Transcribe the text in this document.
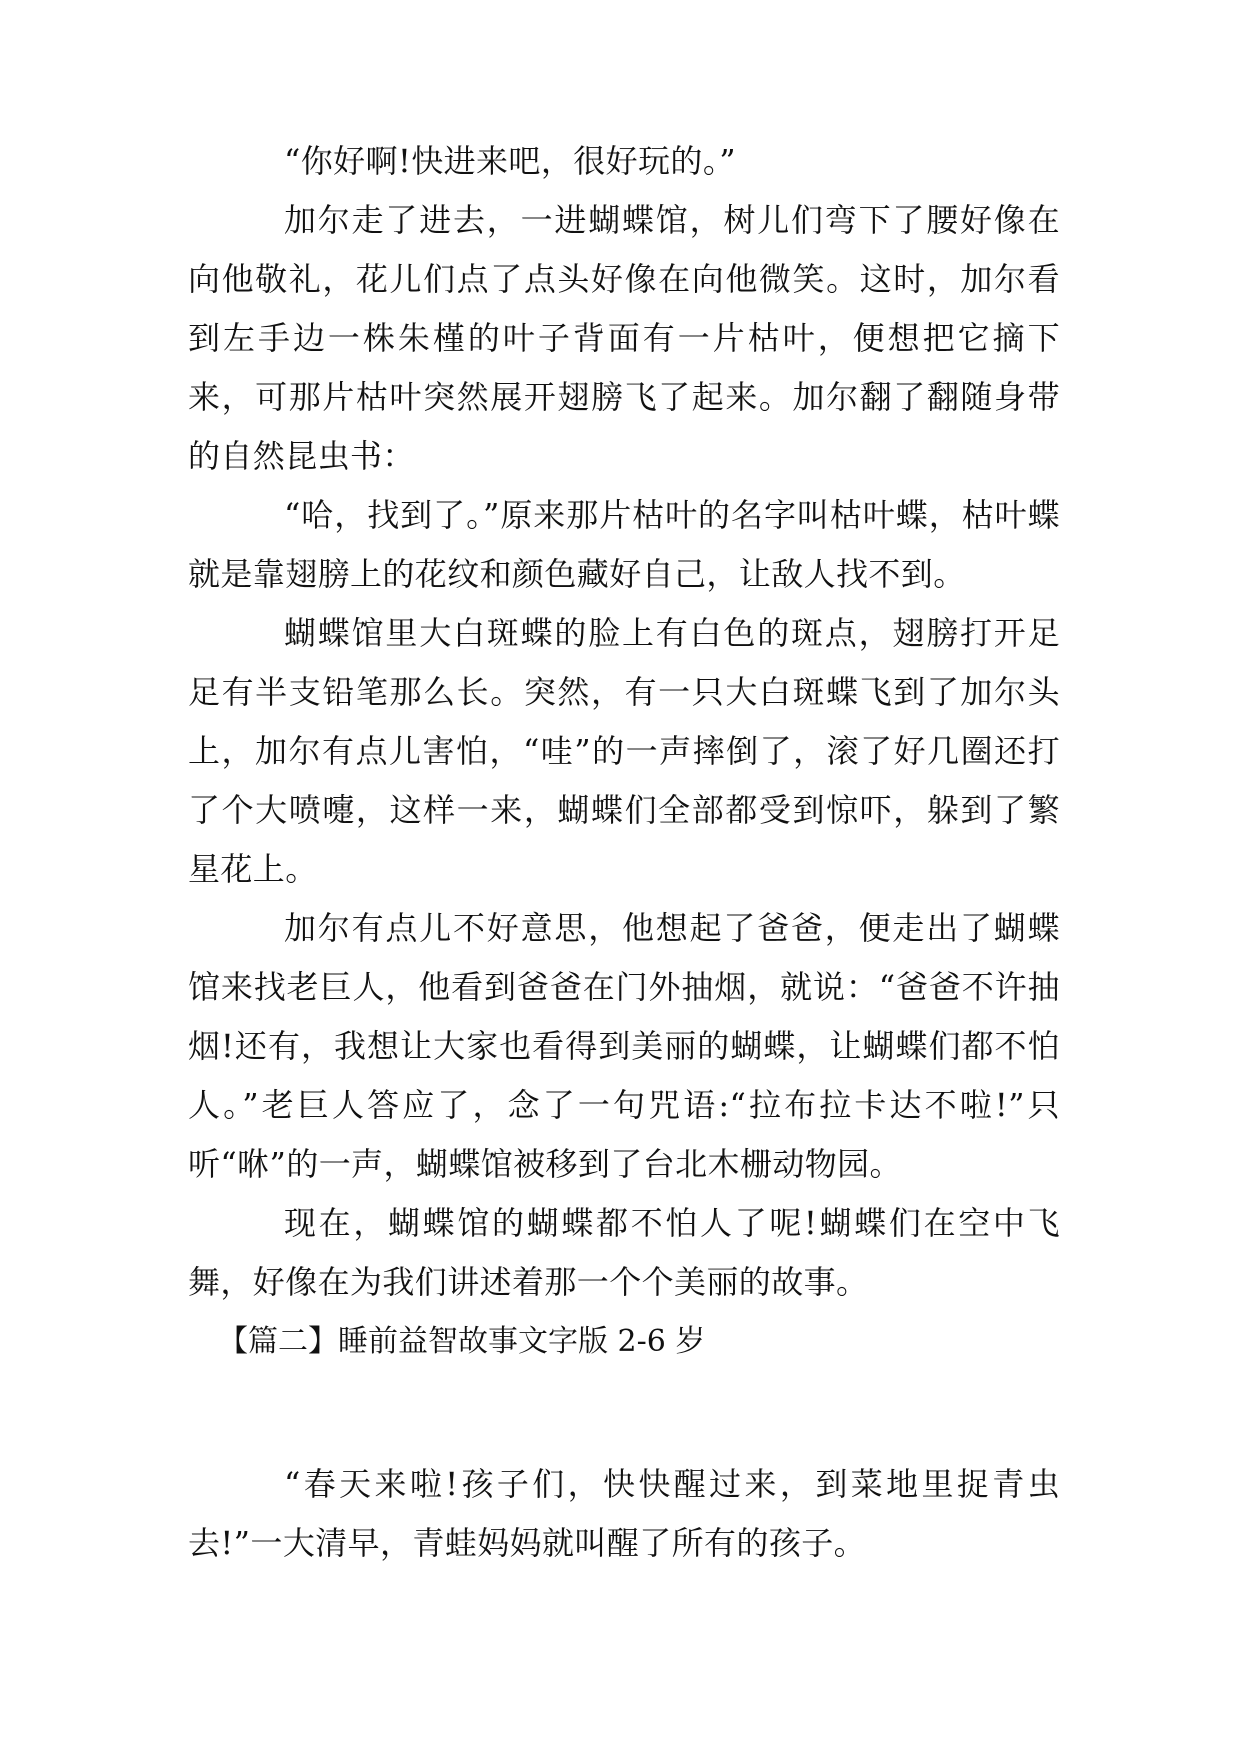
“你好啊!快进来吧，很好玩的。”

加尔走了进去，一进蝴蝶馆，树儿们弯下了腰好像在向他敬礼，花儿们点了点头好像在向他微笑。这时，加尔看到左手边一株朱槿的叶子背面有一片枯叶，便想把它摘下来，可那片枯叶突然展开翅膀飞了起来。加尔翻了翻随身带的自然昆虫书：

“哈，找到了。”原来那片枯叶的名字叫枯叶蝶，枯叶蝶就是靠翅膀上的花纹和颜色藏好自己，让敌人找不到。

蝴蝶馆里大白斑蝶的脸上有白色的斑点，翅膀打开足足有半支铅笔那么长。突然，有一只大白斑蝶飞到了加尔头上，加尔有点儿害怕，“哇”的一声摔倒了，滚了好几圈还打了个大喷嚏，这样一来，蝴蝶们全部都受到惊吓，躲到了繁星花上。

加尔有点儿不好意思，他想起了爸爸，便走出了蝴蝶馆来找老巨人，他看到爸爸在门外抽烟，就说：“爸爸不许抽烟!还有，我想让大家也看得到美丽的蝴蝶，让蝴蝶们都不怕人。”老巨人答应了，念了一句咒语:“拉布拉卡达不啦!”只听“咻”的一声，蝴蝶馆被移到了台北木栅动物园。

现在，蝴蝶馆的蝴蝶都不怕人了呢!蝴蝶们在空中飞舞，好像在为我们讲述着那一个个美丽的故事。

【篇二】睡前益智故事文字版 2-6 岁

“春天来啦!孩子们，快快醒过来，到菜地里捉青虫去!”一大清早，青蛙妈妈就叫醒了所有的孩子。
